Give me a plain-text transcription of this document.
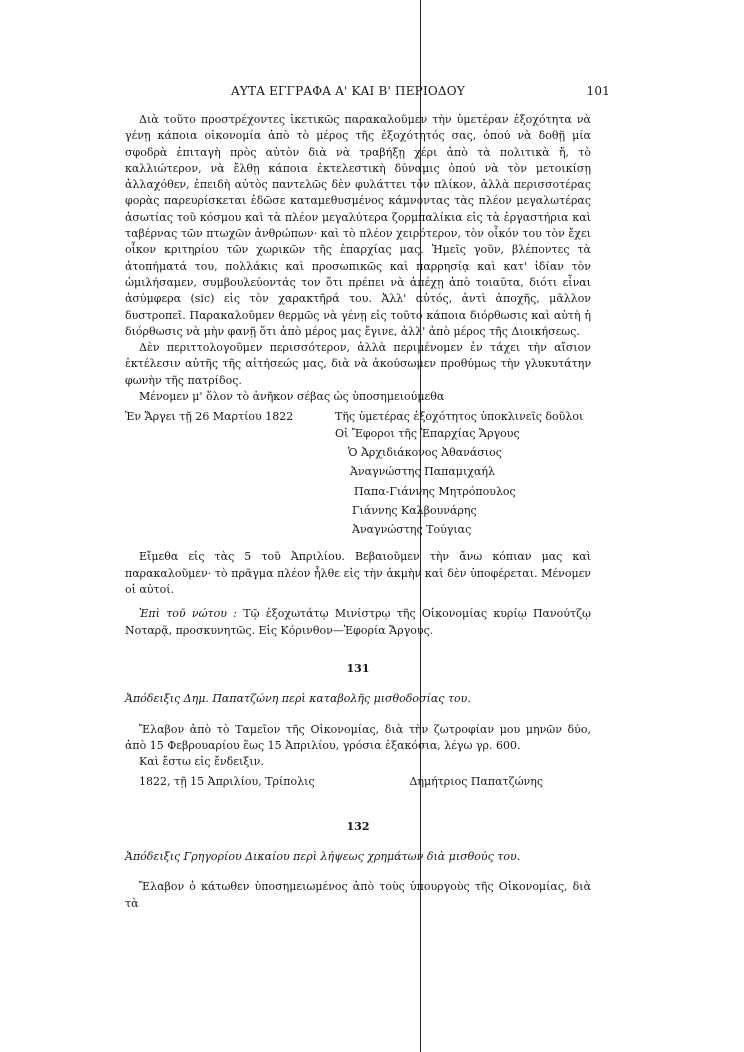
ΑΥΤΑ ΕΓΓΡΑΦΑ Α' ΚΑΙ Β' ΠΕΡΙΟΔΟΥ	101

Διὰ τοῦτο προστρέχοντες ἱκετικῶς παρακαλοῦμεν τὴν ὑμετέραν ἐξοχότητα νὰ γένῃ κάποια οἰκονομία ἀπὸ τὸ μέρος τῆς ἐξοχότητός σας, ὁπού νὰ δοθῇ μία σφοδρὰ ἐπιταγὴ πρὸς αὐτὸν διὰ νὰ τραβήξῃ χέρι ἀπὸ τὰ πολιτικὰ ἤ, τὸ καλλιώτερον, νὰ ἔλθῃ κάποια ἐκτελεστικὴ δύναμις ὁπού νὰ τὸν μετοικίσῃ ἀλλαχόθεν, ἐπειδὴ αὐτὸς παντελῶς δὲν φυλάττει τὸν πλίκον, ἀλλὰ περισσοτέρας φορὰς παρευρίσκεται ἐδῶσε καταμεθυσμένος κάμνοντας τὰς πλέον μεγαλωτέρας ἀσωτίας τοῦ κόσμου καὶ τὰ πλέον μεγαλύτερα ζορμπαλίκια εἰς τὰ ἐργαστήρια καὶ ταβέρνας τῶν πτωχῶν ἀνθρώπων· καὶ τὸ πλέον χειρότερον, τὸν οἶκόν του τὸν ἔχει οἶκον κριτηρίου τῶν χωρικῶν τῆς ἐπαρχίας μας. Ἡμεῖς γοῦν, βλέποντες τὰ ἀτοπήματά του, πολλάκις καὶ προσωπικῶς καὶ παρρησίᾳ καὶ κατ' ἰδίαν τὸν ὡμιλήσαμεν, συμβουλεύοντάς τον ὅτι πρέπει νὰ ἀπέχῃ ἀπὸ τοιαῦτα, διότι εἶναι ἀσύμφερα (sic) εἰς τὸν χαρακτῆρά του. Ἀλλ' αὐτός, ἀντὶ ἀποχῆς, μᾶλλον δυστροπεῖ. Παρακαλοῦμεν θερμῶς νὰ γένῃ εἰς τοῦτο κάποια διόρθωσις καὶ αὐτὴ ἡ διόρθωσις νὰ μὴν φανῇ ὅτι ἀπὸ μέρος μας ἔγινε, ἀλλ' ἀπὸ μέρος τῆς Διοικήσεως.

Δὲν περιττολογοῦμεν περισσότερον, ἀλλὰ περιμένομεν ἐν τάχει τὴν αἴσιον ἐκτέλεσιν αὐτῆς τῆς αἰτήσεώς μας, διὰ νὰ ἀκούσωμεν προθύμως τὴν γλυκυτάτην φωνὴν τῆς πατρίδος.

Μένομεν μ' ὅλον τὸ ἀνῆκον σέβας ὡς ὑποσημειούμεθα

Ἐν Ἄργει τῇ 26 Μαρτίου 1822	Τῆς ὑμετέρας ἐξοχότητος ὑποκλινεῖς δοῦλοι

Οἱ Ἔφοροι τῆς Ἐπαρχίας Ἄργους

Ὁ Ἀρχιδιάκονος Ἀθανάσιος

Ἀναγνώστης Παπαμιχαήλ

Παπα-Γιάννης Μητρόπουλος

Γιάννης Καλβουνάρης

Ἀναγνώστης Τούγιας

Εἴμεθα εἰς τὰς 5 τοῦ Ἀπριλίου. Βεβαιοῦμεν τὴν ἄνω κόπιαν μας καὶ παρακαλοῦμεν· τὸ πρᾶγμα πλέον ἦλθε εἰς τὴν ἀκμὴν καὶ δὲν ὑποφέρεται. Μένομεν οἱ αὐτοί.

Ἐπὶ τοῦ νώτου : Τῷ ἐξοχωτάτῳ Μινίστρῳ τῆς Οἰκονομίας κυρίῳ Πανούτζῳ Νοταρᾷ, προσκυνητῶς. Εἰς Κόρινθον—Ἐφορία Ἄργους.

131

Ἀπόδειξις Δημ. Παπατζώνη περὶ καταβολῆς μισθοδοσίας του.

Ἔλαβον ἀπὸ τὸ Ταμεῖον τῆς Οἰκονομίας, διὰ τὴν ζωτροφίαν μου μηνῶν δύο, ἀπὸ 15 Φεβρουαρίου ἕως 15 Ἀπριλίου, γρόσια ἑξακόσια, λέγω γρ. 600.

Καὶ ἔστω εἰς ἔνδειξιν.

1822, τῇ 15 Ἀπριλίου, Τρίπολις	Δημήτριος Παπατζώνης

132

Ἀπόδειξις Γρηγορίου Δικαίου περὶ λήψεως χρημάτων διὰ μισθούς του.

Ἔλαβον ὁ κάτωθεν ὑποσημειωμένος ἀπὸ τοὺς ὑπουργοὺς τῆς Οἰκονομίας, διὰ τὰ
